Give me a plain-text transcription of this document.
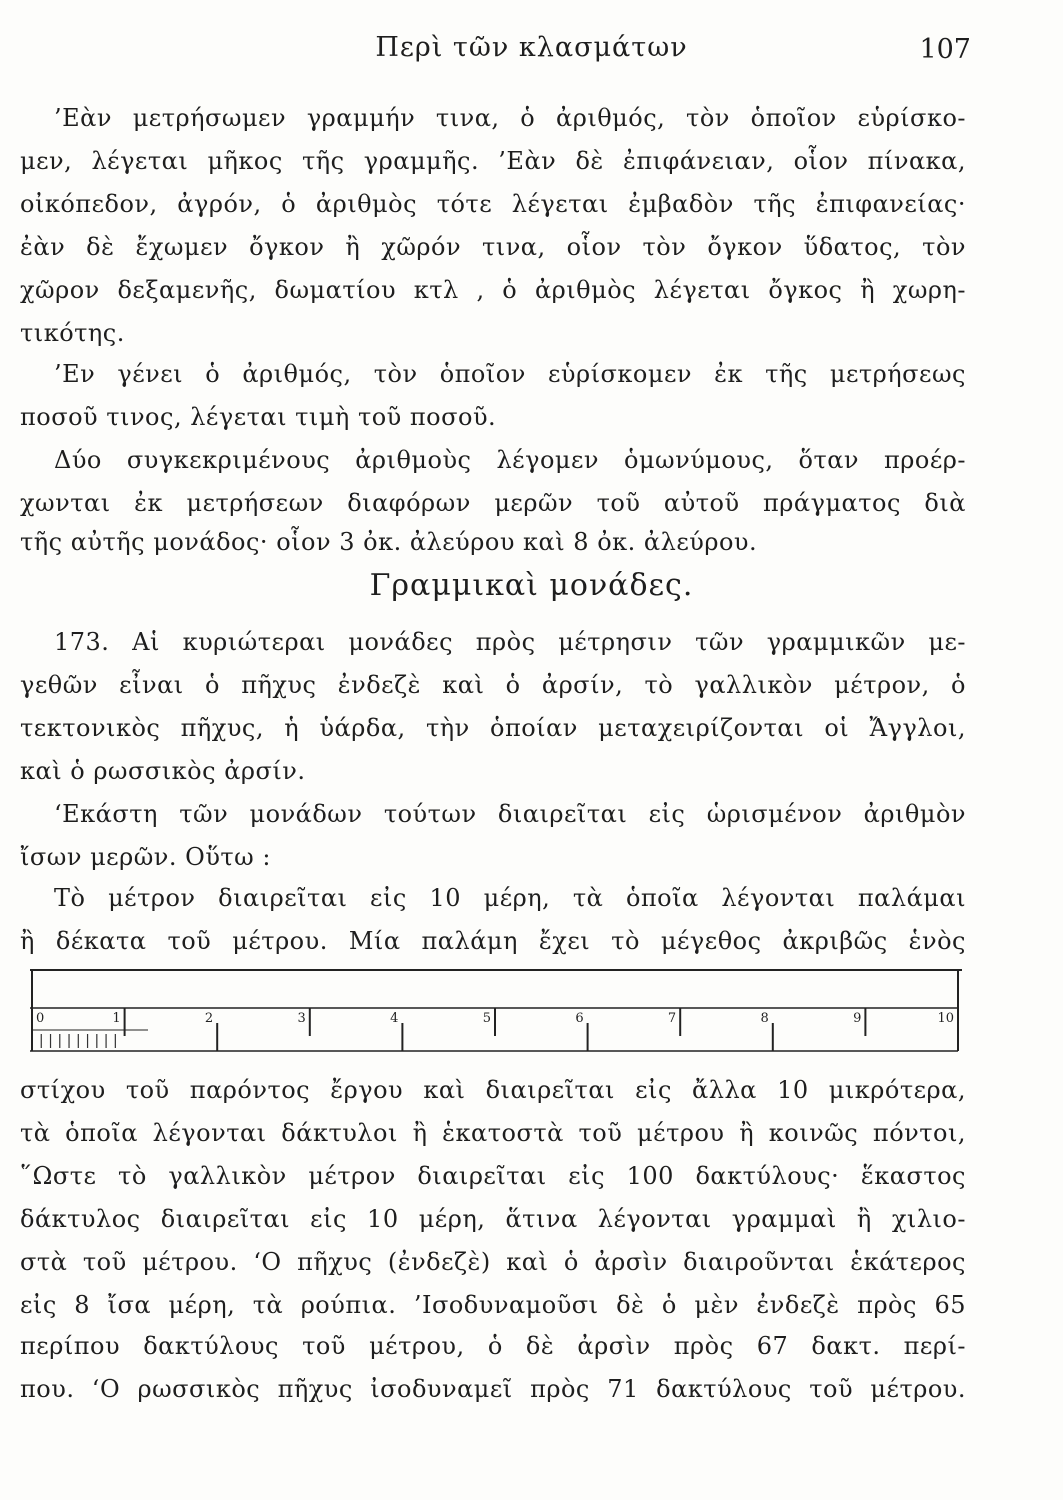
Περὶ τῶν κλασμάτων	107
’Εὰν μετρήσωμεν γραμμήν τινα, ὁ ἀριθμός, τὸν ὁποῖον εὑρίσκο-
μεν, λέγεται μῆκος τῆς γραμμῆς. ’Εὰν δὲ ἐπιφάνειαν, οἷον πίνακα,
οἰκόπεδον, ἀγρόν, ὁ ἀριθμὸς τότε λέγεται ἐμβαδὸν τῆς ἐπιφανείας·
ἐὰν δὲ ἔχωμεν ὄγκον ἢ χῶρόν τινα, οἷον τὸν ὄγκον ὕδατος, τὸν
χῶρον δεξαμενῆς, δωματίου κτλ , ὁ ἀριθμὸς λέγεται ὄγκος ἢ χωρη-
τικότης.
’Εν γένει ὁ ἀριθμός, τὸν ὁποῖον εὑρίσκομεν ἐκ τῆς μετρήσεως
ποσοῦ τινος, λέγεται τιμὴ τοῦ ποσοῦ.
Δύο συγκεκριμένους ἀριθμοὺς λέγομεν ὁμωνύμους, ὅταν προέρ-
χωνται ἐκ μετρήσεων διαφόρων μερῶν τοῦ αὐτοῦ πράγματος διὰ
τῆς αὐτῆς μονάδος· οἷον 3 ὀκ. ἀλεύρου καὶ 8 ὀκ. ἀλεύρου.
Γραμμικαὶ μονάδες.
173. Αἱ κυριώτεραι μονάδες πρὸς μέτρησιν τῶν γραμμικῶν με-
γεθῶν εἶναι ὁ πῆχυς ἐνδεζὲ καὶ ὁ ἀρσίν, τὸ γαλλικὸν μέτρον, ὁ
τεκτονικὸς πῆχυς, ἡ ὑάρδα, τὴν ὁποίαν μεταχειρίζονται οἱ Ἄγγλοι,
καὶ ὁ ρωσσικὸς ἀρσίν.
‘Εκάστη τῶν μονάδων τούτων διαιρεῖται εἰς ὡρισμένον ἀριθμὸν
ἴσων μερῶν. Οὕτω :
Τὸ μέτρον διαιρεῖται εἰς 10 μέρη, τὰ ὁποῖα λέγονται παλάμαι
ἢ δέκατα τοῦ μέτρου. Μία παλάμη ἔχει τὸ μέγεθος ἀκριβῶς ἑνὸς
0	1	2	3	4	5	6	7	8	9	10
στίχου τοῦ παρόντος ἔργου καὶ διαιρεῖται εἰς ἄλλα 10 μικρότερα,
τὰ ὁποῖα λέγονται δάκτυλοι ἢ ἑκατοστὰ τοῦ μέτρου ἢ κοινῶς πόντοι,
῞Ωστε τὸ γαλλικὸν μέτρον διαιρεῖται εἰς 100 δακτύλους· ἕκαστος
δάκτυλος διαιρεῖται εἰς 10 μέρη, ἅτινα λέγονται γραμμαὶ ἢ χιλιο-
στὰ τοῦ μέτρου. ‘Ο πῆχυς (ἐνδεζὲ) καὶ ὁ ἀρσὶν διαιροῦνται ἑκάτερος
εἰς 8 ἴσα μέρη, τὰ ρούπια. ’Ισοδυναμοῦσι δὲ ὁ μὲν ἐνδεζὲ πρὸς 65
περίπου δακτύλους τοῦ μέτρου, ὁ δὲ ἀρσὶν πρὸς 67 δακτ. περί-
που. ‘Ο ρωσσικὸς πῆχυς ἰσοδυναμεῖ πρὸς 71 δακτύλους τοῦ μέτρου.
